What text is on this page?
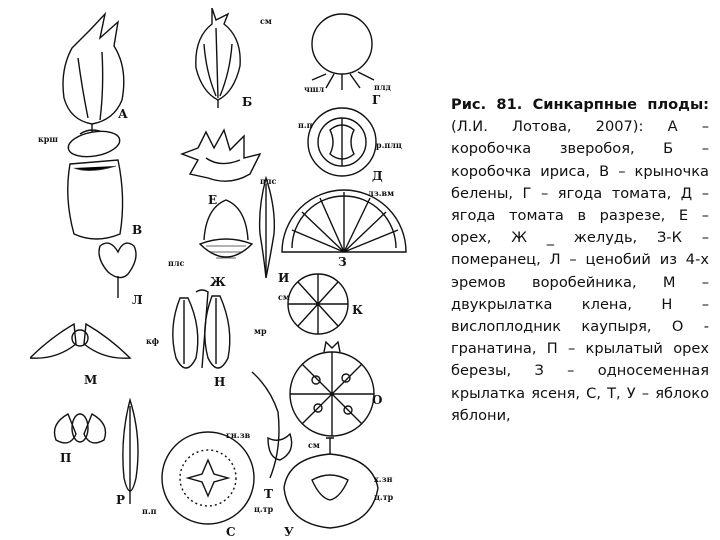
А
Б
В
Г
Д
Е
Ж
З
И
К
Л
М	Н
О
П
Р
С
Т
У
см
чшл	плд
крш
п.п
р.плц
плс
лз.вм
плс
см
кф
мр
гн.зв
см
х.зн
ц.тр
ц.тр
п.п

Рис. 81. Синкарпные плоды: (Л.И. Лотова, 2007): А – коробочка зверобоя, Б – коробочка ириса, В – крыночка белены, Г – ягода томата, Д – ягода томата в разрезе, Е – орех, Ж _ желудь, З-К – померанец, Л – ценобий из 4-х эремов воробейника, М – двукрылатка клена, Н – вислоплодник каупыря, О - гранатина, П – крылатый орех березы, З – односеменная крылатка ясеня, С, Т, У – яблоко яблони,
